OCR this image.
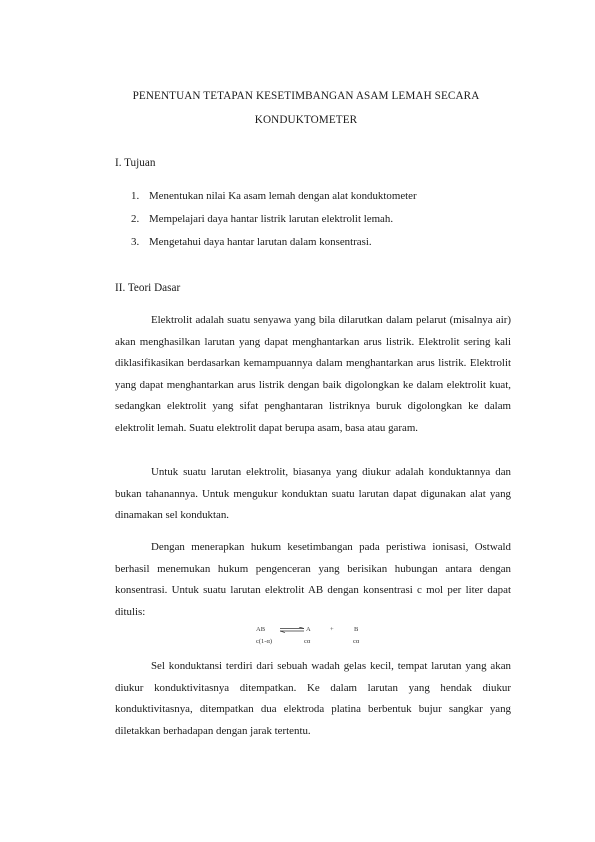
PENENTUAN TETAPAN KESETIMBANGAN ASAM LEMAH SECARA
KONDUKTOMETER
I. Tujuan
1. Menentukan nilai Ka asam lemah dengan alat konduktometer
2. Mempelajari daya hantar listrik larutan elektrolit lemah.
3. Mengetahui daya hantar larutan dalam konsentrasi.
II. Teori Dasar

Elektrolit adalah suatu senyawa yang bila dilarutkan dalam pelarut (misalnya air) akan menghasilkan larutan yang dapat menghantarkan arus listrik. Elektrolit sering kali diklasifikasikan berdasarkan kemampuannya dalam menghantarkan arus listrik. Elektrolit yang dapat menghantarkan arus listrik dengan baik digolongkan ke dalam elektrolit kuat, sedangkan elektrolit yang sifat penghantaran listriknya buruk digolongkan ke dalam elektrolit lemah. Suatu elektrolit dapat berupa asam, basa atau garam.

Untuk suatu larutan elektrolit, biasanya yang diukur adalah konduktannya dan bukan tahanannya. Untuk mengukur konduktan suatu larutan dapat digunakan alat yang dinamakan sel konduktan.

Dengan menerapkan hukum kesetimbangan pada peristiwa ionisasi, Ostwald berhasil menemukan hukum pengenceran yang berisikan hubungan antara dengan konsentrasi. Untuk suatu larutan elektrolit AB dengan konsentrasi c mol per liter dapat ditulis:

AB ⇌ A	+	B
c(1-α)	cα	cα

Sel konduktansi terdiri dari sebuah wadah gelas kecil, tempat larutan yang akan diukur konduktivitasnya ditempatkan. Ke dalam larutan yang hendak diukur konduktivitasnya, ditempatkan dua elektroda platina berbentuk bujur sangkar yang diletakkan berhadapan dengan jarak tertentu.
